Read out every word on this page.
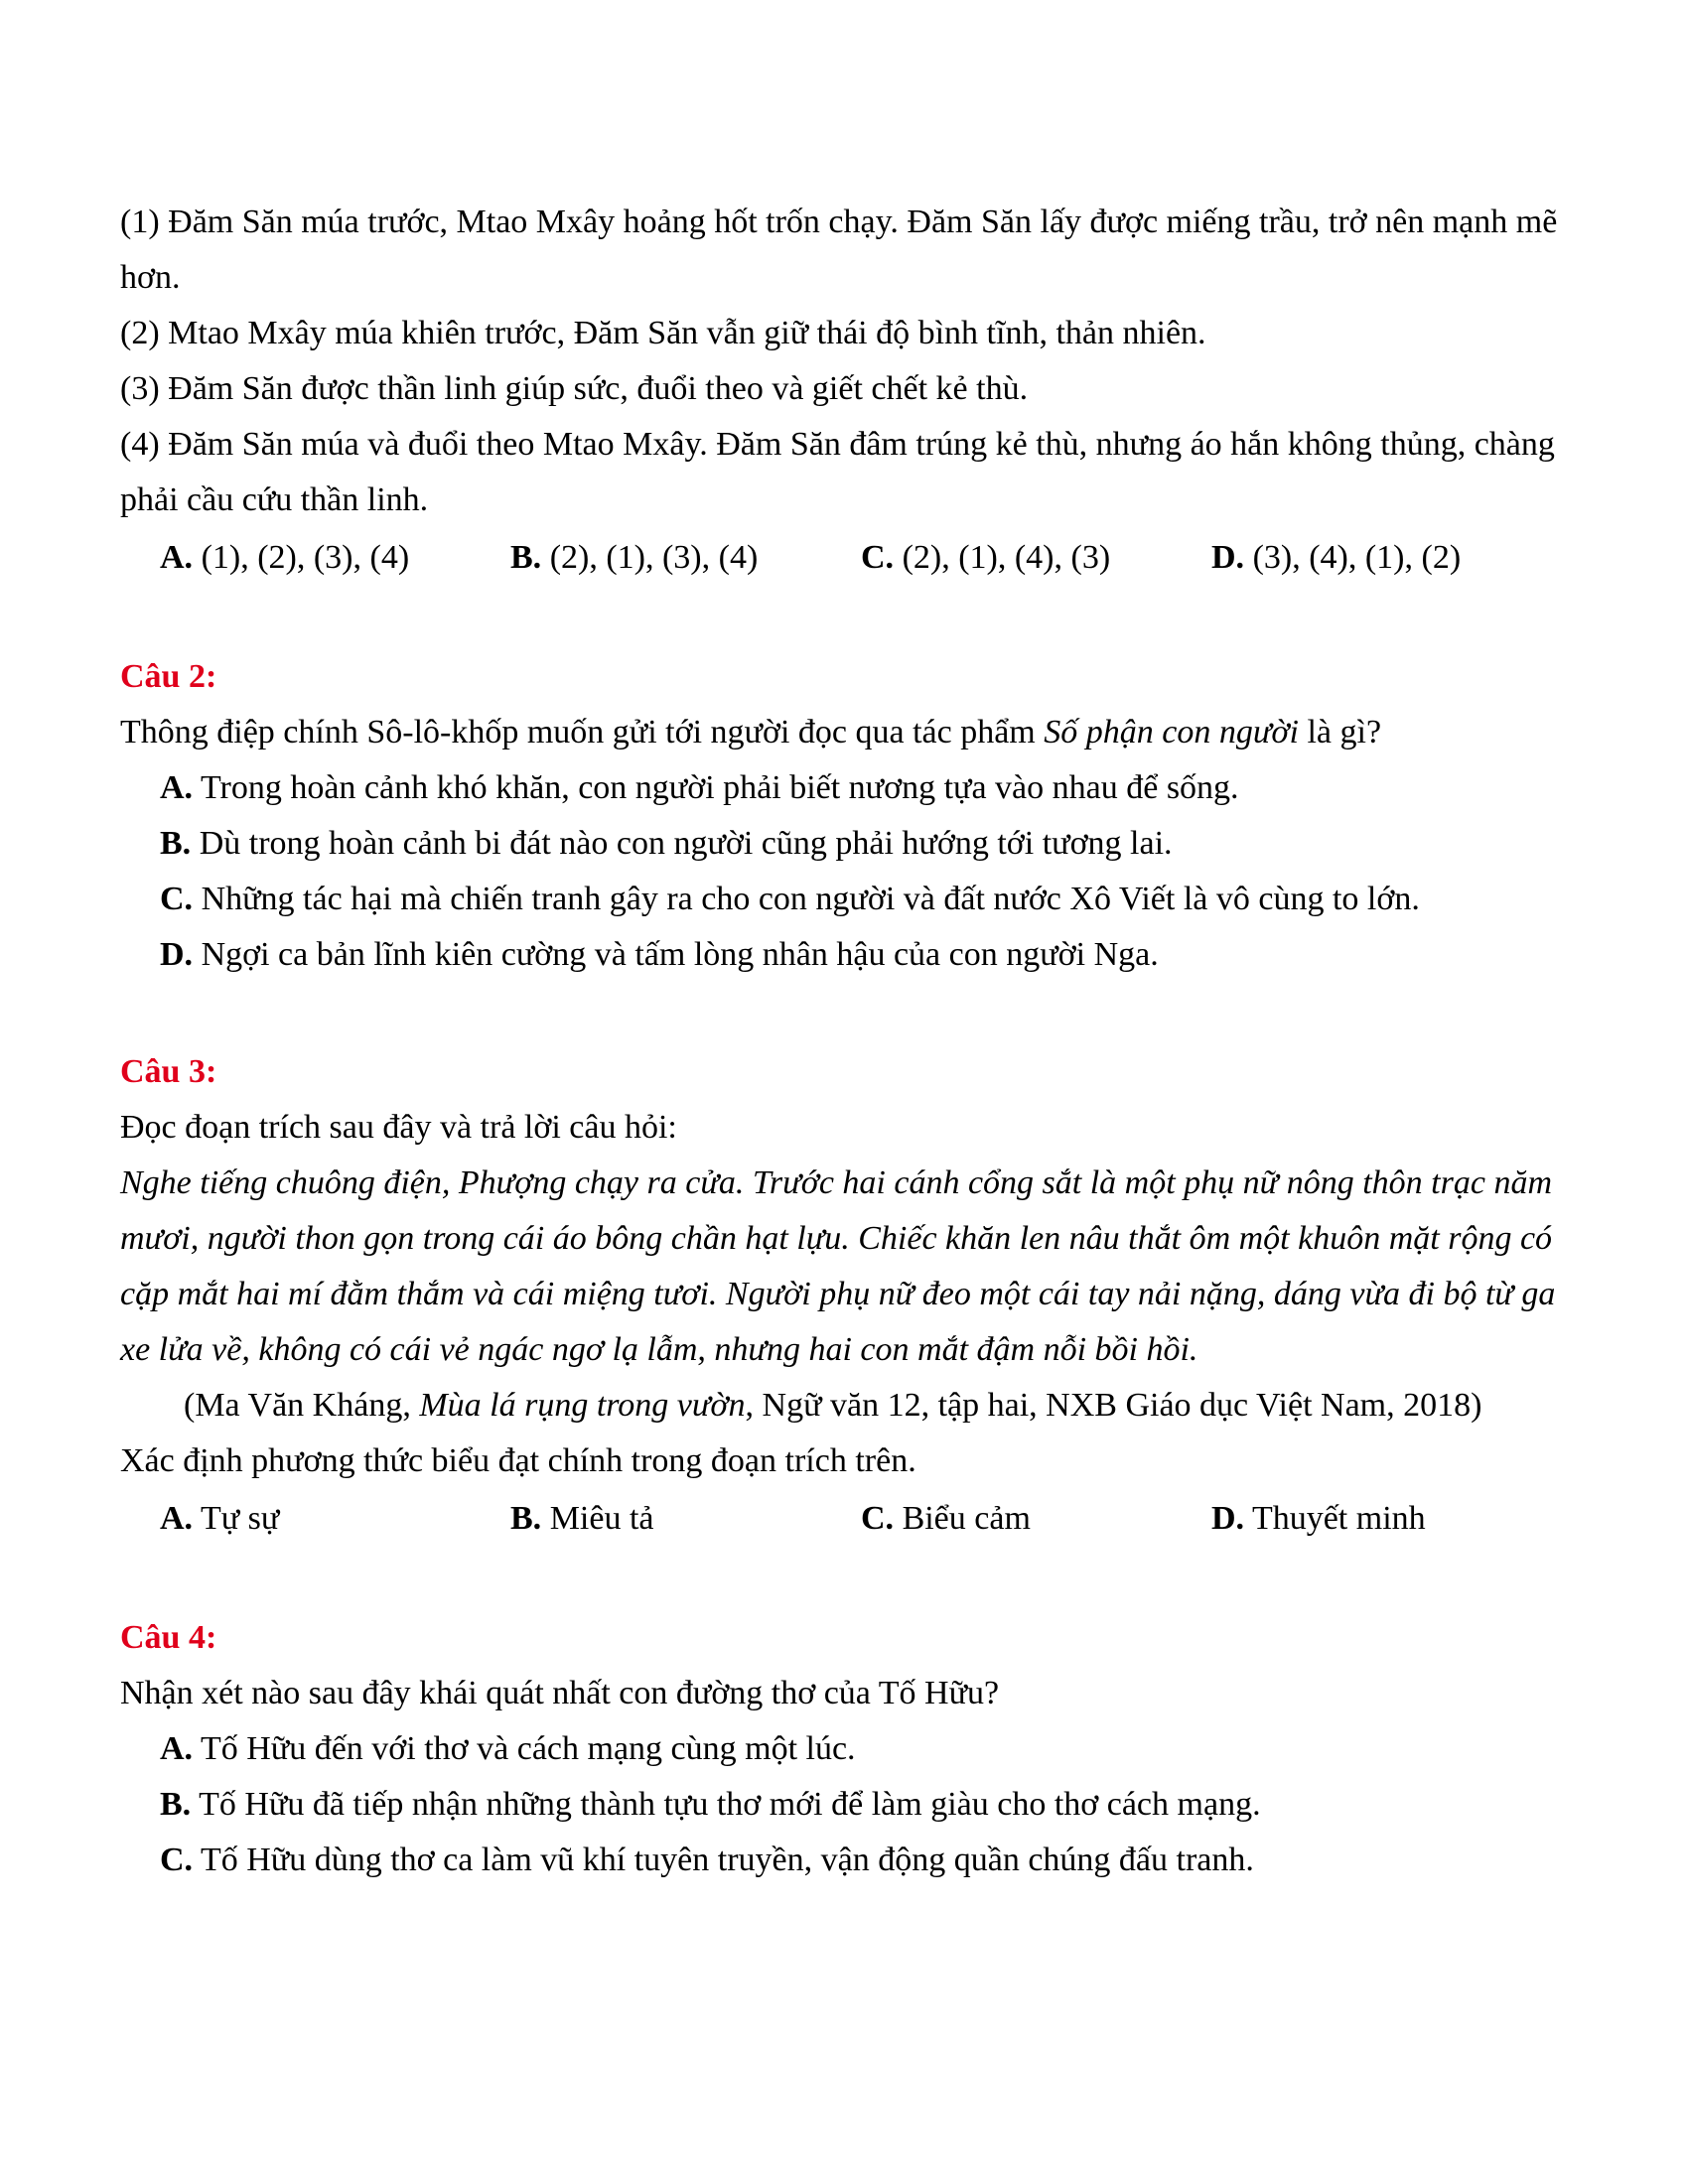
(1) Đăm Săn múa trước, Mtao Mxây hoảng hốt trốn chạy. Đăm Săn lấy được miếng trầu, trở nên mạnh mẽ hơn.

(2) Mtao Mxây múa khiên trước, Đăm Săn vẫn giữ thái độ bình tĩnh, thản nhiên.

(3) Đăm Săn được thần linh giúp sức, đuổi theo và giết chết kẻ thù.

(4) Đăm Săn múa và đuổi theo Mtao Mxây. Đăm Săn đâm trúng kẻ thù, nhưng áo hắn không thủng, chàng phải cầu cứu thần linh.

A. (1), (2), (3), (4)	B. (2), (1), (3), (4)	C. (2), (1), (4), (3)	D. (3), (4), (1), (2)

Câu 2:

Thông điệp chính Sô-lô-khốp muốn gửi tới người đọc qua tác phẩm Số phận con người là gì?

A. Trong hoàn cảnh khó khăn, con người phải biết nương tựa vào nhau để sống.

B. Dù trong hoàn cảnh bi đát nào con người cũng phải hướng tới tương lai.

C. Những tác hại mà chiến tranh gây ra cho con người và đất nước Xô Viết là vô cùng to lớn.

D. Ngợi ca bản lĩnh kiên cường và tấm lòng nhân hậu của con người Nga.

Câu 3:

Đọc đoạn trích sau đây và trả lời câu hỏi:

Nghe tiếng chuông điện, Phượng chạy ra cửa. Trước hai cánh cổng sắt là một phụ nữ nông thôn trạc năm mươi, người thon gọn trong cái áo bông chần hạt lựu. Chiếc khăn len nâu thắt ôm một khuôn mặt rộng có cặp mắt hai mí đằm thắm và cái miệng tươi. Người phụ nữ đeo một cái tay nải nặng, dáng vừa đi bộ từ ga xe lửa về, không có cái vẻ ngác ngơ lạ lẫm, nhưng hai con mắt đậm nỗi bồi hồi.

(Ma Văn Kháng, Mùa lá rụng trong vườn, Ngữ văn 12, tập hai, NXB Giáo dục Việt Nam, 2018)

Xác định phương thức biểu đạt chính trong đoạn trích trên.

A. Tự sự	B. Miêu tả	C. Biểu cảm	D. Thuyết minh

Câu 4:

Nhận xét nào sau đây khái quát nhất con đường thơ của Tố Hữu?

A. Tố Hữu đến với thơ và cách mạng cùng một lúc.

B. Tố Hữu đã tiếp nhận những thành tựu thơ mới để làm giàu cho thơ cách mạng.

C. Tố Hữu dùng thơ ca làm vũ khí tuyên truyền, vận động quần chúng đấu tranh.
